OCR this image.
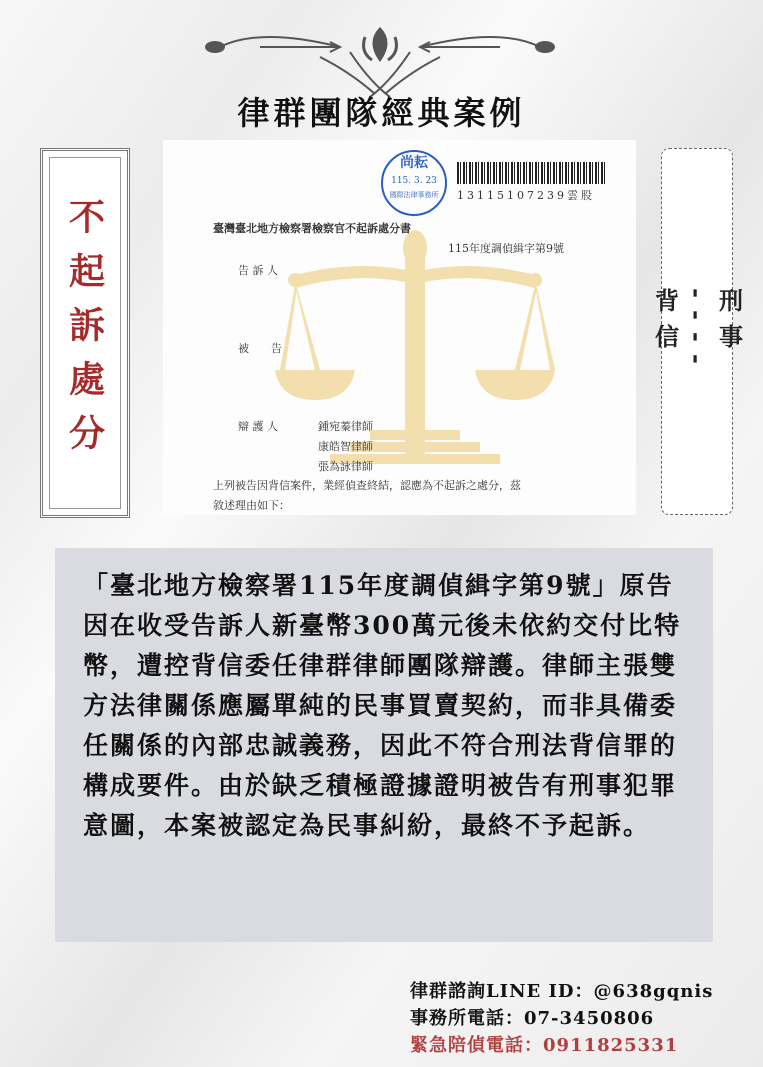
律群團隊經典案例
不起訴處分
尚耘
115. 3. 23
國際法律事務所	13115107239雲股
臺灣臺北地方檢察署檢察官不起訴處分書
115年度調偵緝字第9號
告 訴 人
被　　告
辯 護 人	鍾宛蓁律師
康皓智律師
張為詠律師
上列被告因背信案件，業經偵查終結，認應為不起訴之處分，茲
敘述理由如下：
刑事
----
背信

「臺北地方檢察署115年度調偵緝字第9號」原告因在收受告訴人新臺幣300萬元後未依約交付比特幣，遭控背信委任律群律師團隊辯護。律師主張雙方法律關係應屬單純的民事買賣契約，而非具備委任關係的內部忠誠義務，因此不符合刑法背信罪的構成要件。由於缺乏積極證據證明被告有刑事犯罪意圖，本案被認定為民事糾紛，最終不予起訴。

律群諮詢LINE ID：@638gqnis
事務所電話：07-3450806
緊急陪偵電話：0911825331
